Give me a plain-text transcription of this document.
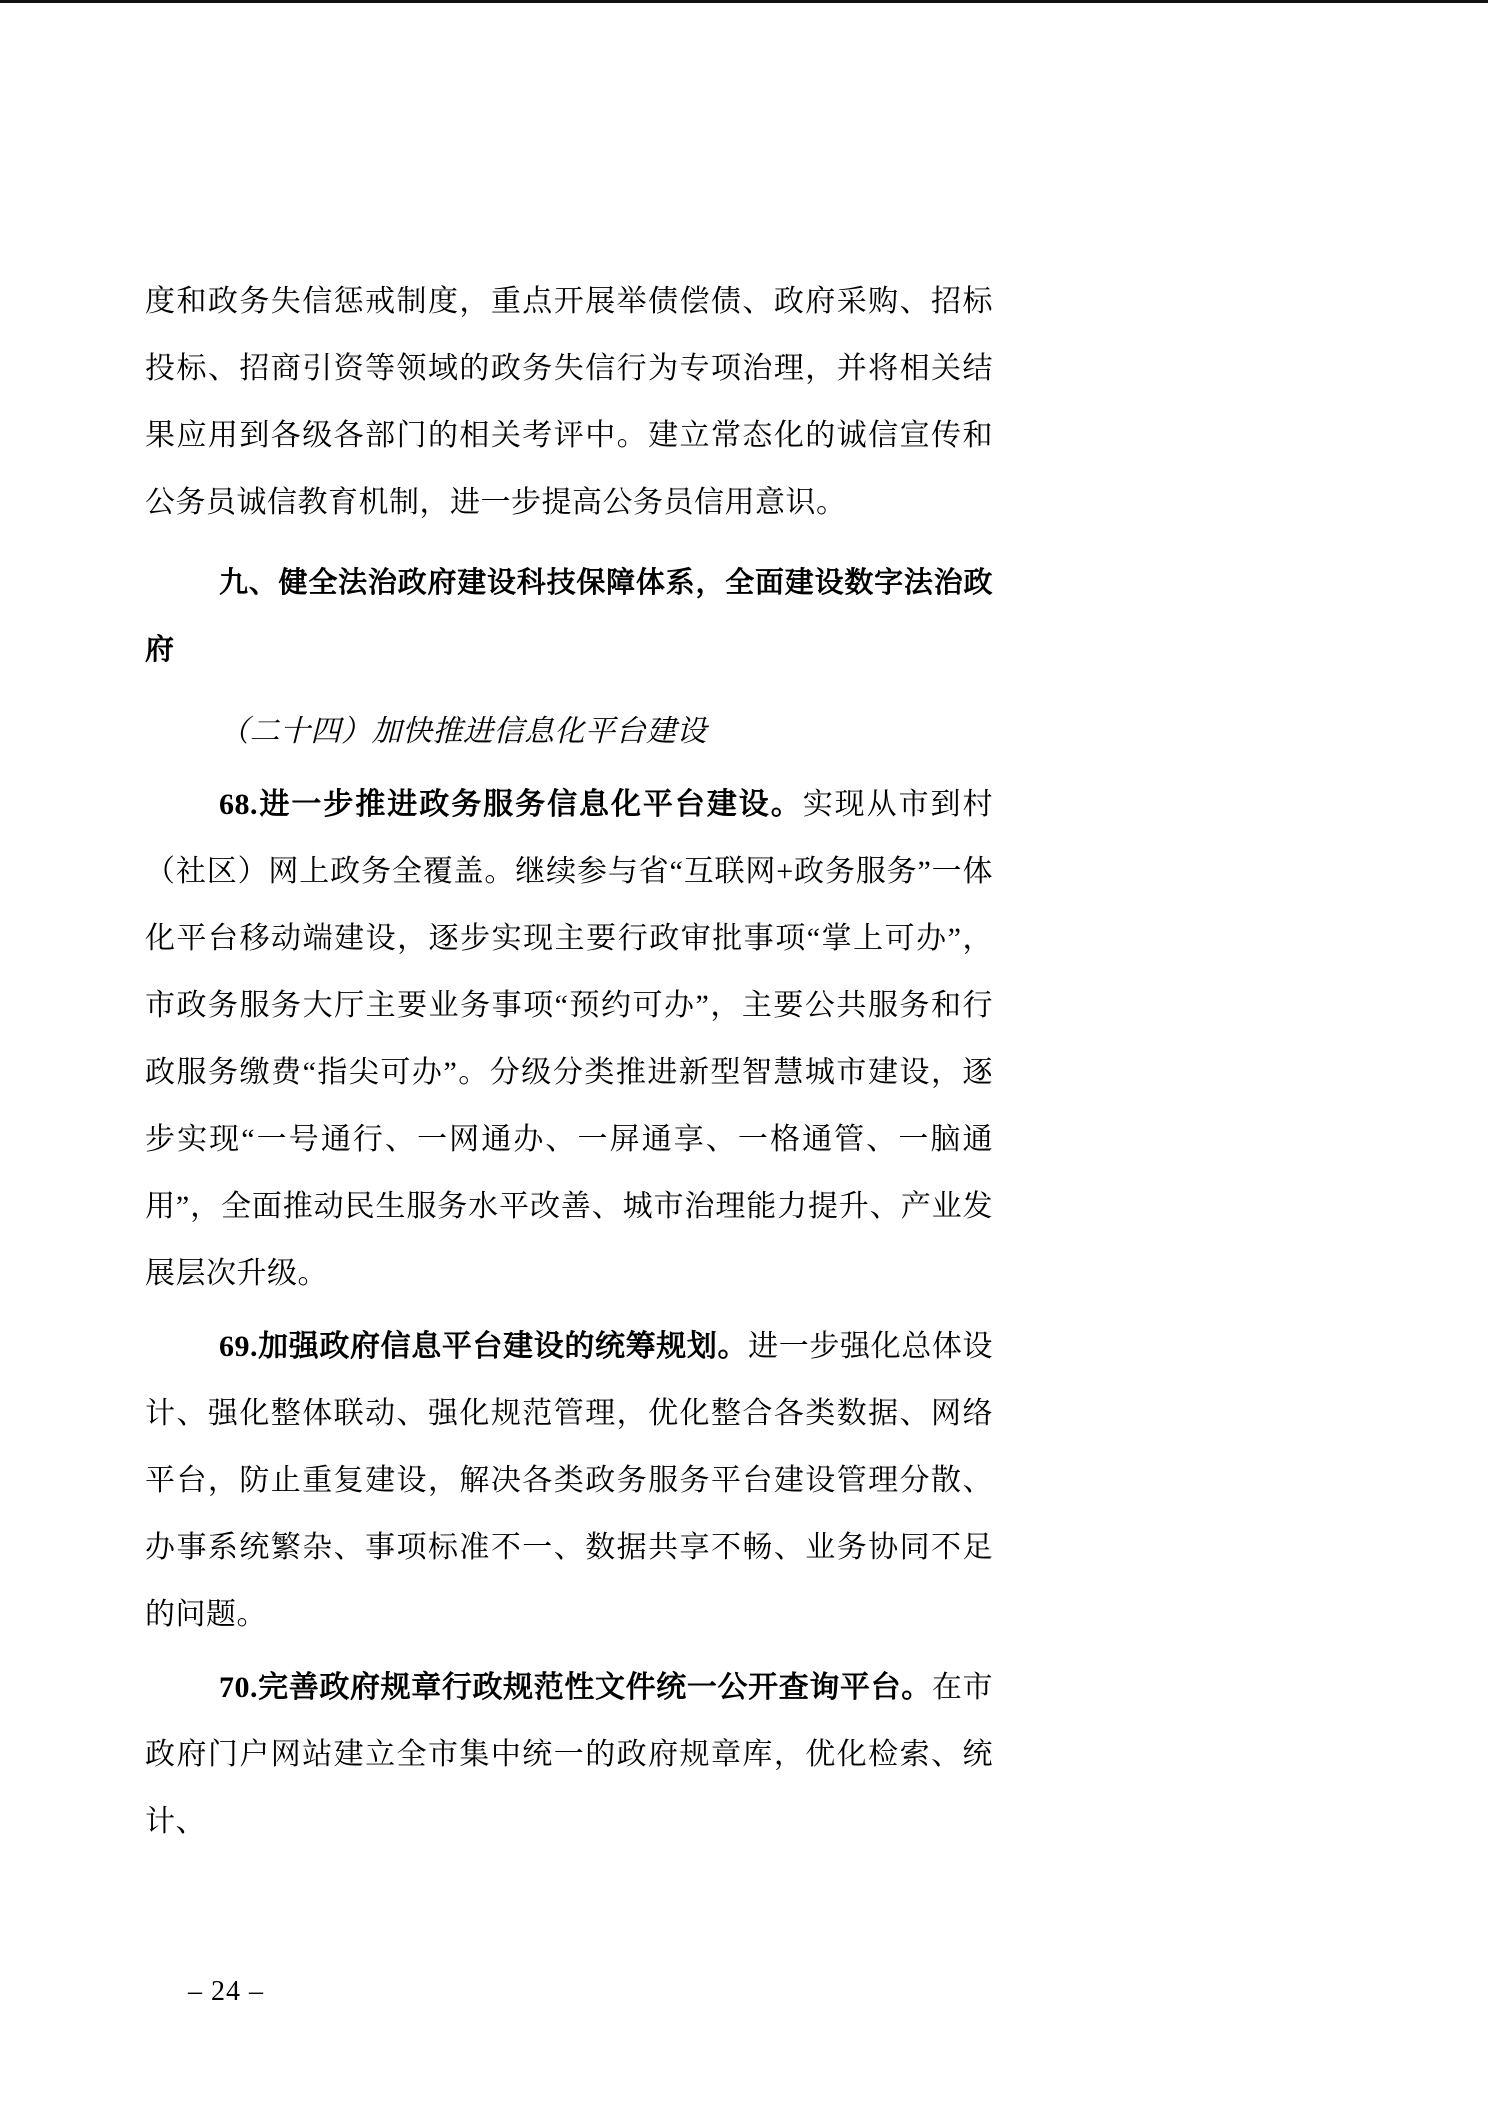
度和政务失信惩戒制度，重点开展举债偿债、政府采购、招标投标、招商引资等领域的政务失信行为专项治理，并将相关结果应用到各级各部门的相关考评中。建立常态化的诚信宣传和公务员诚信教育机制，进一步提高公务员信用意识。

九、健全法治政府建设科技保障体系，全面建设数字法治政府

（二十四）加快推进信息化平台建设

68.进一步推进政务服务信息化平台建设。实现从市到村（社区）网上政务全覆盖。继续参与省“互联网+政务服务”一体化平台移动端建设，逐步实现主要行政审批事项“掌上可办”，市政务服务大厅主要业务事项“预约可办”，主要公共服务和行政服务缴费“指尖可办”。分级分类推进新型智慧城市建设，逐步实现“一号通行、一网通办、一屏通享、一格通管、一脑通用”，全面推动民生服务水平改善、城市治理能力提升、产业发展层次升级。

69.加强政府信息平台建设的统筹规划。进一步强化总体设计、强化整体联动、强化规范管理，优化整合各类数据、网络平台，防止重复建设，解决各类政务服务平台建设管理分散、办事系统繁杂、事项标准不一、数据共享不畅、业务协同不足的问题。

70.完善政府规章行政规范性文件统一公开查询平台。在市政府门户网站建立全市集中统一的政府规章库，优化检索、统计、

– 24 –
